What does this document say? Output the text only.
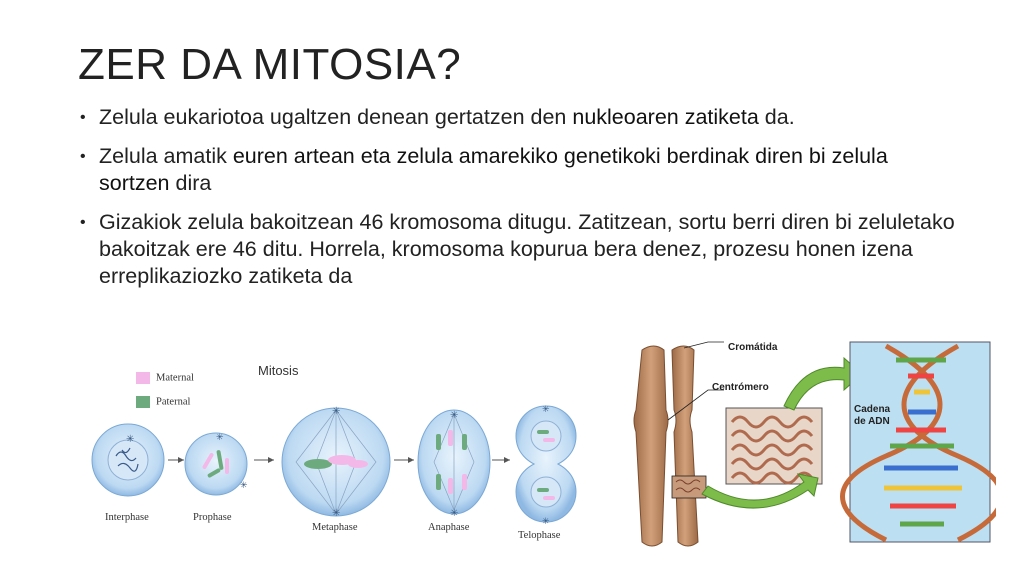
ZER DA MITOSIA?
• Zelula eukariotoa ugaltzen denean gertatzen den nukleoaren zatiketa da.
• Zelula amatik euren artean eta zelula amarekiko genetikoki berdinak diren bi zelula sortzen dira
• Gizakiok zelula bakoitzean 46 kromosoma ditugu. Zatitzean, sortu berri diren bi zeluletako bakoitzak ere 46 ditu. Horrela, kromosoma kopurua bera denez, prozesu honen izena erreplikaziozko zatiketa da
Maternal
Paternal
Mitosis
✳	✳
✳
✳
✳
✳
✳
✳
✳
Interphase	Prophase
Metaphase	Anaphase
Telophase
Cromátida
Centrómero
Cadena
de ADN
